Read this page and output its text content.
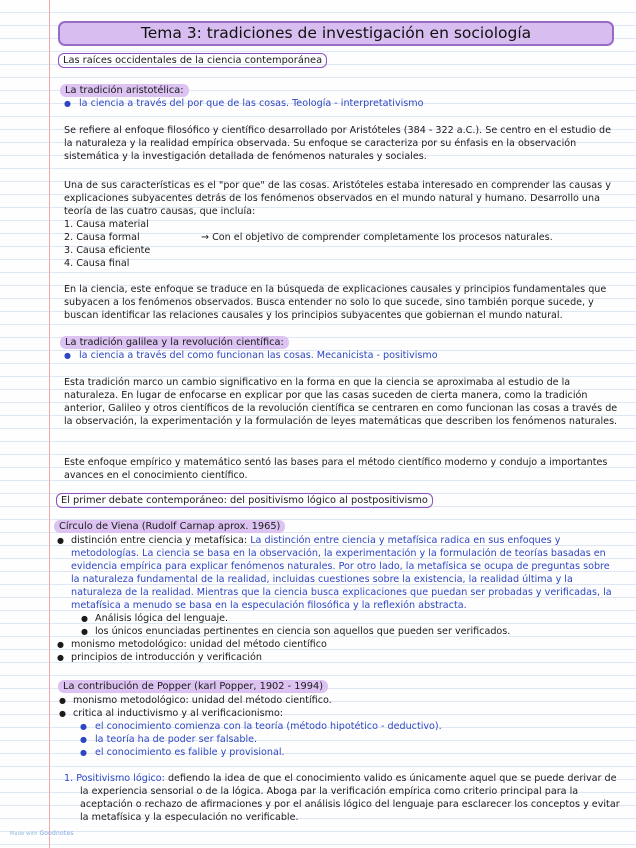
Tema 3: tradiciones de investigación en sociología
Las raíces occidentales de la ciencia contemporánea
La tradición aristotélica:

● la ciencia a través del por que de las cosas. Teología - interpretativismo

Se refiere al enfoque filosófico y científico desarrollado por Aristóteles (384 - 322 a.C.). Se centro en el estudio de la naturaleza y la realidad empírica observada. Su enfoque se caracteriza por su énfasis en la observación sistemática y la investigación detallada de fenómenos naturales y sociales.

Una de sus características es el "por que" de las cosas. Aristóteles estaba interesado en comprender las causas y explicaciones subyacentes detrás de los fenómenos observados en el mundo natural y humano. Desarrollo una teoría de las cuatro causas, que incluía:

1. Causa material

2. Causa formal

3. Causa eficiente

4. Causa final

→ Con el objetivo de comprender completamente los procesos naturales.

En la ciencia, este enfoque se traduce en la búsqueda de explicaciones causales y principios fundamentales que subyacen a los fenómenos observados. Busca entender no solo lo que sucede, sino también porque sucede, y buscan identificar las relaciones causales y los principios subyacentes que gobiernan el mundo natural.

La tradición galilea y la revolución científica:

● la ciencia a través del como funcionan las cosas. Mecanicista - positivismo

Esta tradición marco un cambio significativo en la forma en que la ciencia se aproximaba al estudio de la naturaleza. En lugar de enfocarse en explicar por que las casas suceden de cierta manera, como la tradición anterior, Galileo y otros científicos de la revolución científica se centraren en como funcionan las cosas a través de la observación, la experimentación y la formulación de leyes matemáticas que describen los fenómenos naturales.

Este enfoque empírico y matemático sentó las bases para el método científico moderno y condujo a importantes avances en el conocimiento científico.

El primer debate contemporáneo: del positivismo lógico al postpositivismo
Círculo de Viena (Rudolf Carnap aprox. 1965)

● distinción entre ciencia y metafísica: La distinción entre ciencia y metafísica radica en sus enfoques y

metodologías. La ciencia se basa en la observación, la experimentación y la formulación de teorías basadas en evidencia empírica para explicar fenómenos naturales. Por otro lado, la metafísica se ocupa de preguntas sobre la naturaleza fundamental de la realidad, incluidas cuestiones sobre la existencia, la realidad última y la naturaleza de la realidad. Mientras que la ciencia busca explicaciones que puedan ser probadas y verificadas, la metafísica a menudo se basa en la especulación filosófica y la reflexión abstracta.

● Análisis lógica del lenguaje.

● los únicos enunciadas pertinentes en ciencia son aquellos que pueden ser verificados.

● monismo metodológico: unidad del método científico

● principios de introducción y verificación

La contribución de Popper (karl Popper, 1902 - 1994)

● monismo metodológico: unidad del método científico.

● critica al inductivismo y al verificacionismo:

● el conocimiento comienza con la teoría (método hipotético - deductivo).

● la teoría ha de poder ser falsable.

● el conocimiento es falible y provisional.

1. Positivismo lógico: defiendo la idea de que el conocimiento valido es únicamente aquel que se puede derivar de

la experiencia sensorial o de la lógica. Aboga par la verificación empírica como criterio principal para la aceptación o rechazo de afirmaciones y por el análisis lógico del lenguaje para esclarecer los conceptos y evitar la metafísica y la especulación no verificable.

Made with Goodnotes
